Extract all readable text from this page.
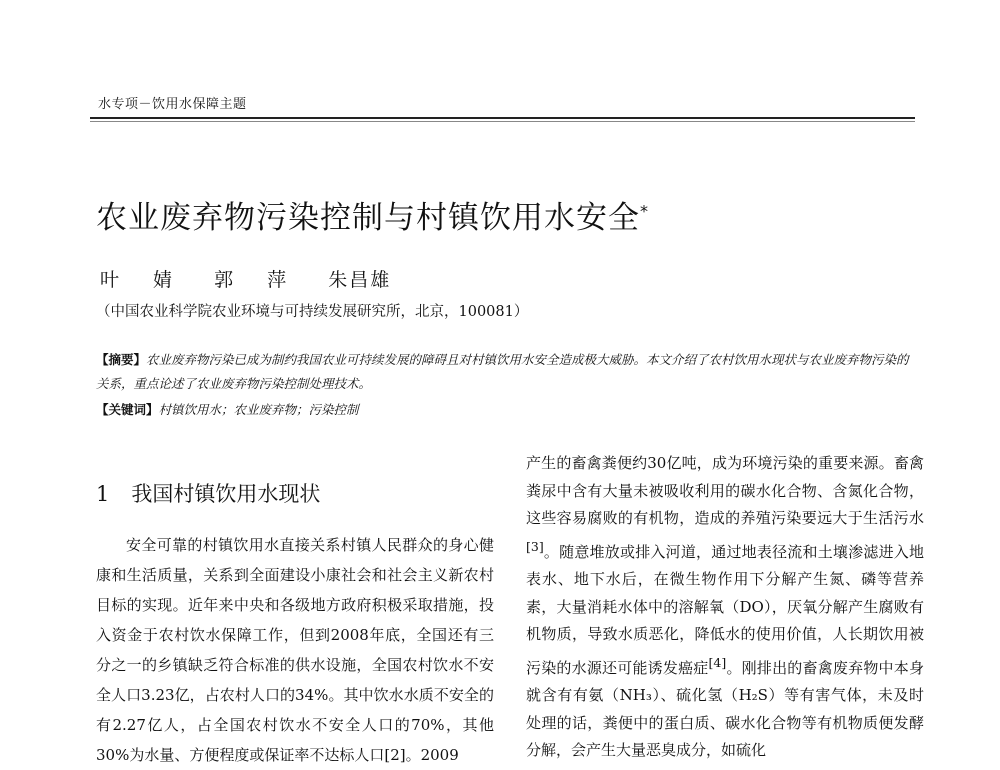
水专项－饮用水保障主题
农业废弃物污染控制与村镇饮用水安全*
叶 婧 郭 萍 朱昌雄
（中国农业科学院农业环境与可持续发展研究所，北京，100081）
【摘要】农业废弃物污染已成为制约我国农业可持续发展的障碍且对村镇饮用水安全造成极大威胁。本文介绍了农村饮用水现状与农业废弃物污染的关系，重点论述了农业废弃物污染控制处理技术。
【关键词】村镇饮用水；农业废弃物；污染控制
1 我国村镇饮用水现状

安全可靠的村镇饮用水直接关系村镇人民群众的身心健康和生活质量，关系到全面建设小康社会和社会主义新农村目标的实现。近年来中央和各级地方政府积极采取措施，投入资金于农村饮水保障工作，但到2008年底，全国还有三分之一的乡镇缺乏符合标准的供水设施，全国农村饮水不安全人口3.23亿，占农村人口的34%。其中饮水水质不安全的有2.27亿人，占全国农村饮水不安全人口的70%，其他30%为水量、方便程度或保证率不达标人口[2]。2009

产生的畜禽粪便约30亿吨，成为环境污染的重要来源。畜禽粪尿中含有大量未被吸收利用的碳水化合物、含氮化合物，这些容易腐败的有机物，造成的养殖污染要远大于生活污水[3]。随意堆放或排入河道，通过地表径流和土壤渗滤进入地表水、地下水后，在微生物作用下分解产生氮、磷等营养素，大量消耗水体中的溶解氧（DO），厌氧分解产生腐败有机物质，导致水质恶化，降低水的使用价值，人长期饮用被污染的水源还可能诱发癌症[4]。刚排出的畜禽废弃物中本身就含有有氨（NH₃）、硫化氢（H₂S）等有害气体，未及时处理的话，粪便中的蛋白质、碳水化合物等有机物质便发酵分解，会产生大量恶臭成分，如硫化
